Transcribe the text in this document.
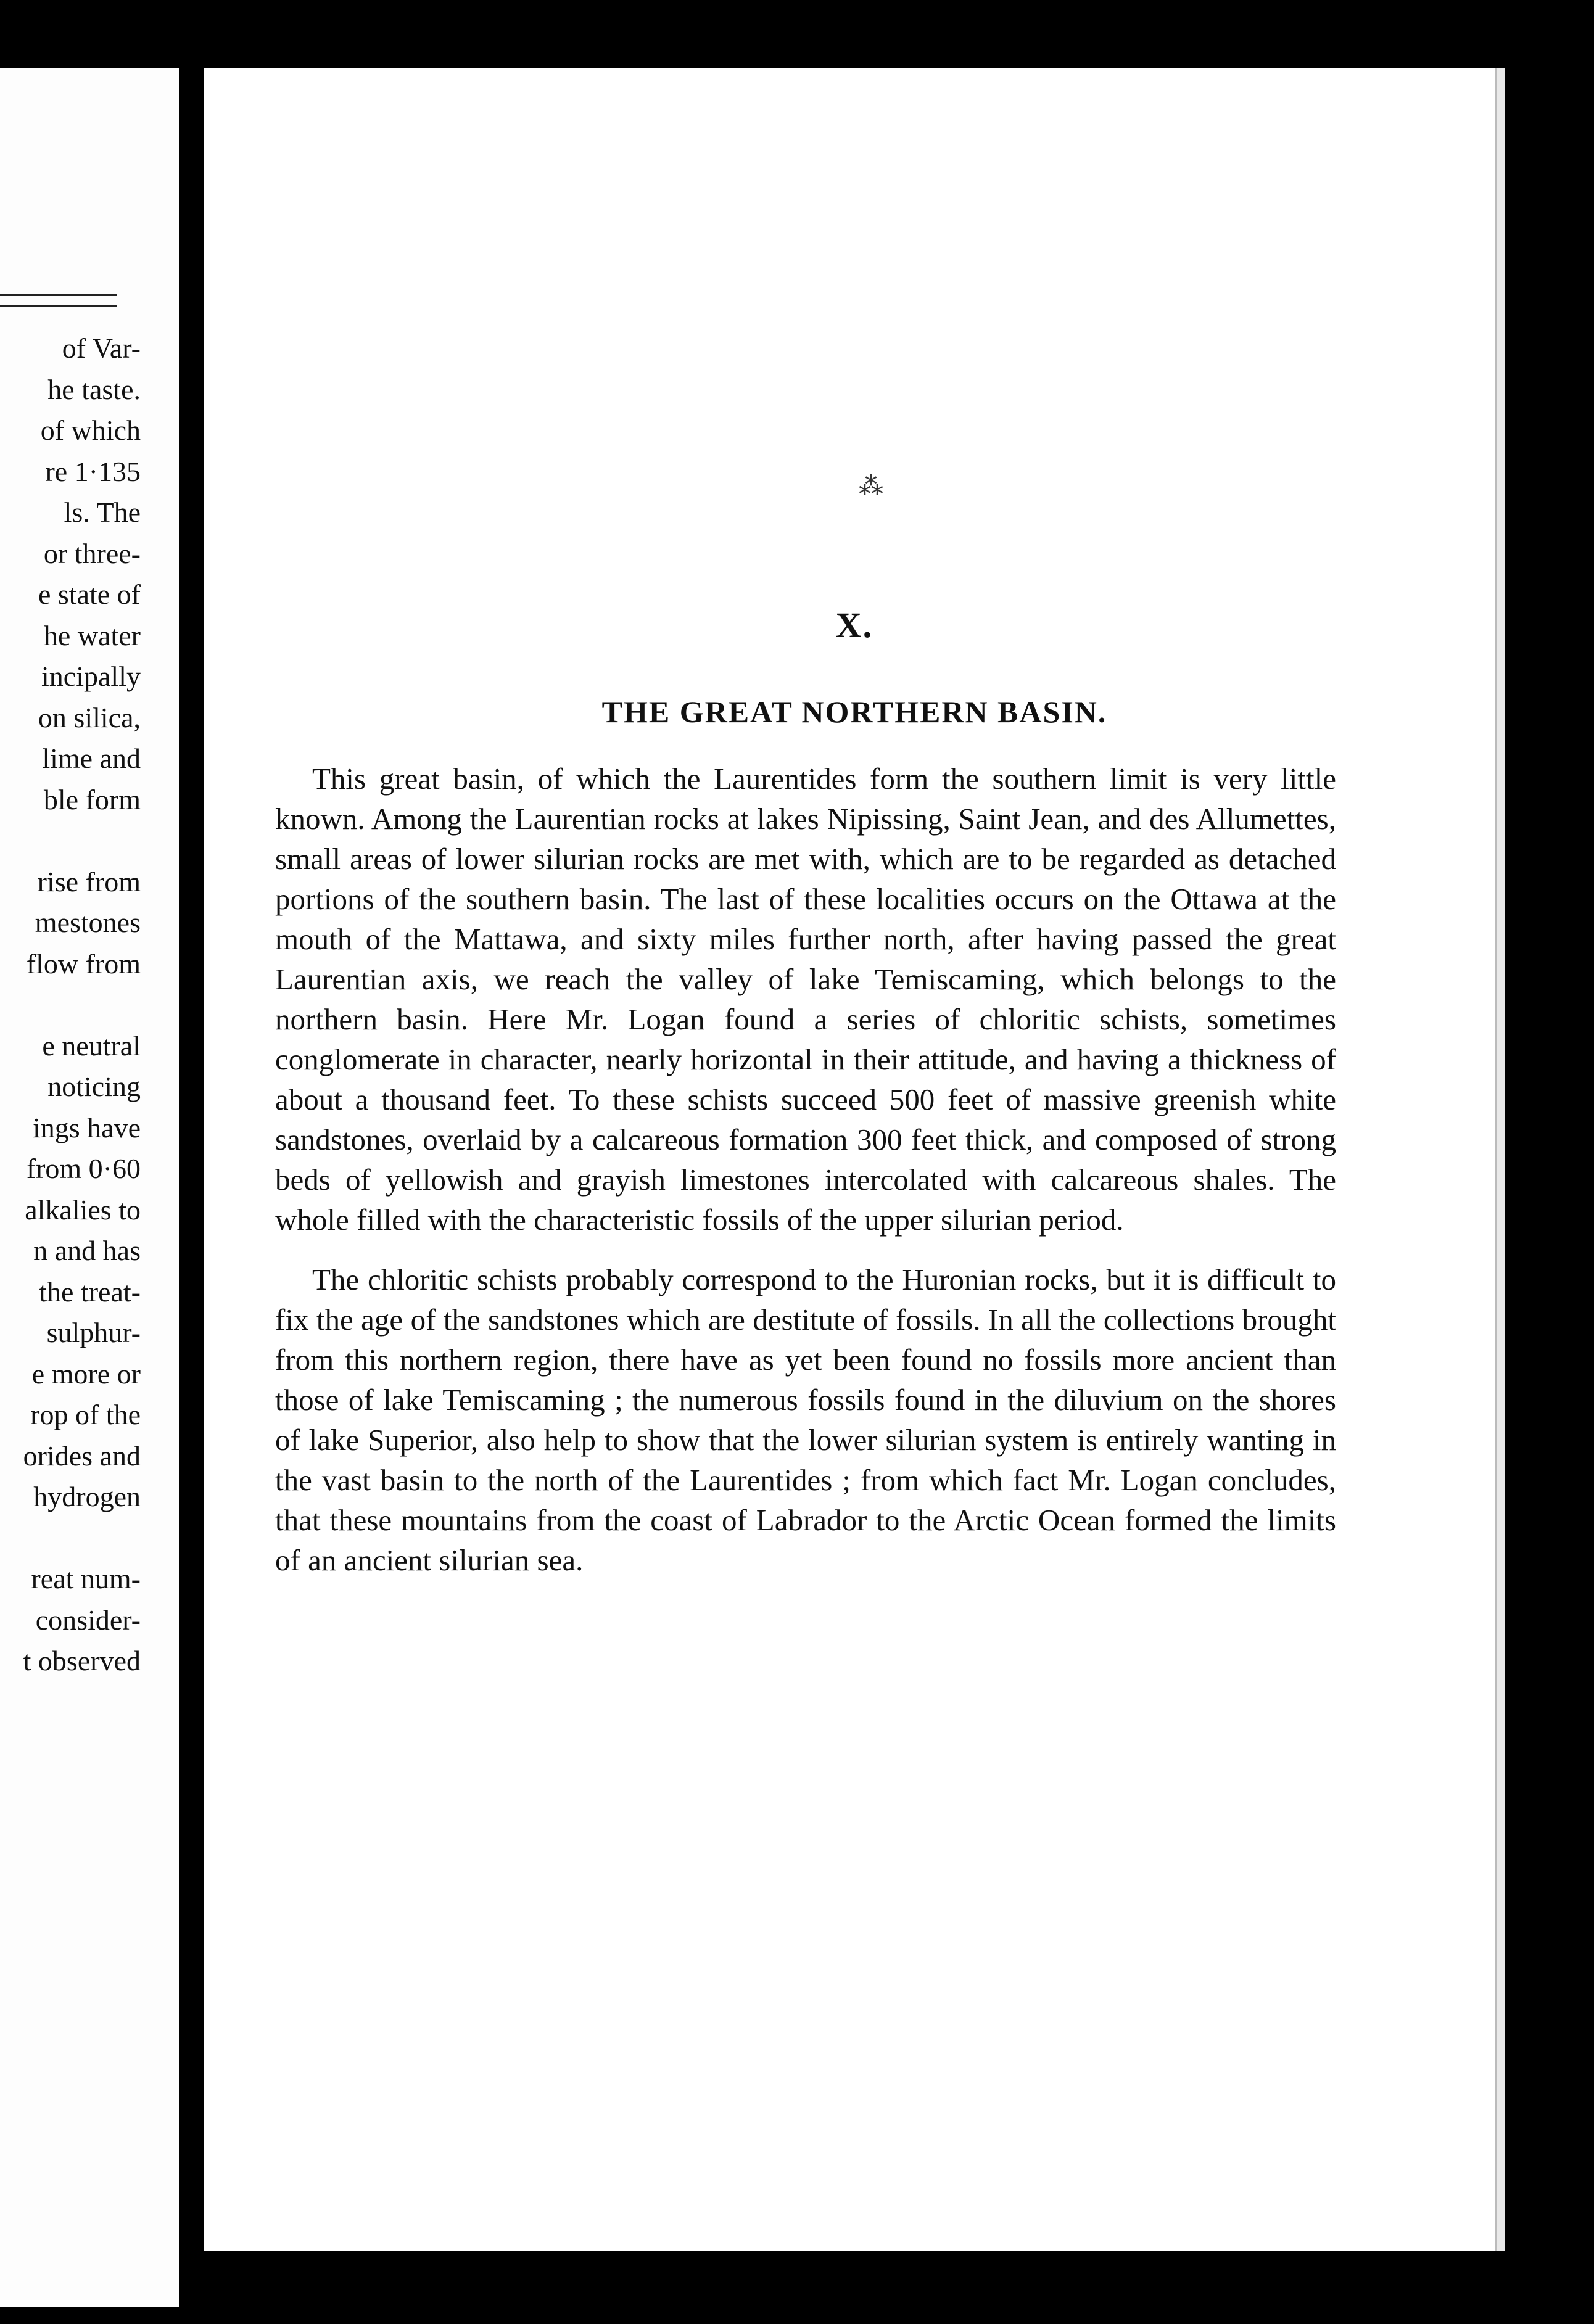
of Var-
he taste.
of which
re 1·135
ls. The
or three-
e state of
he water
incipally
on silica,
lime and
ble form
rise from
mestones
flow from
e neutral
noticing
ings have
from 0·60
alkalies to
n and has
the treat-
sulphur-
e more or
rop of the
orides and
hydrogen
reat num-
consider-
t observed
⁂
X.
THE GREAT NORTHERN BASIN.

This great basin, of which the Laurentides form the southern limit is very little known. Among the Laurentian rocks at lakes Nipissing, Saint Jean, and des Allumettes, small areas of lower silurian rocks are met with, which are to be regarded as detached portions of the southern basin. The last of these localities occurs on the Ottawa at the mouth of the Mattawa, and sixty miles further north, after having passed the great Laurentian axis, we reach the valley of lake Temiscaming, which belongs to the northern basin. Here Mr. Logan found a series of chloritic schists, sometimes conglomerate in character, nearly horizontal in their attitude, and having a thickness of about a thousand feet. To these schists succeed 500 feet of massive greenish white sandstones, overlaid by a calcareous formation 300 feet thick, and composed of strong beds of yellowish and grayish limestones intercolated with calcareous shales. The whole filled with the characteristic fossils of the upper silurian period.

The chloritic schists probably correspond to the Huronian rocks, but it is difficult to fix the age of the sandstones which are destitute of fossils. In all the collections brought from this northern region, there have as yet been found no fossils more ancient than those of lake Temiscaming ; the numerous fossils found in the diluvium on the shores of lake Superior, also help to show that the lower silurian system is entirely wanting in the vast basin to the north of the Laurentides ; from which fact Mr. Logan concludes, that these mountains from the coast of Labrador to the Arctic Ocean formed the limits of an ancient silurian sea.
